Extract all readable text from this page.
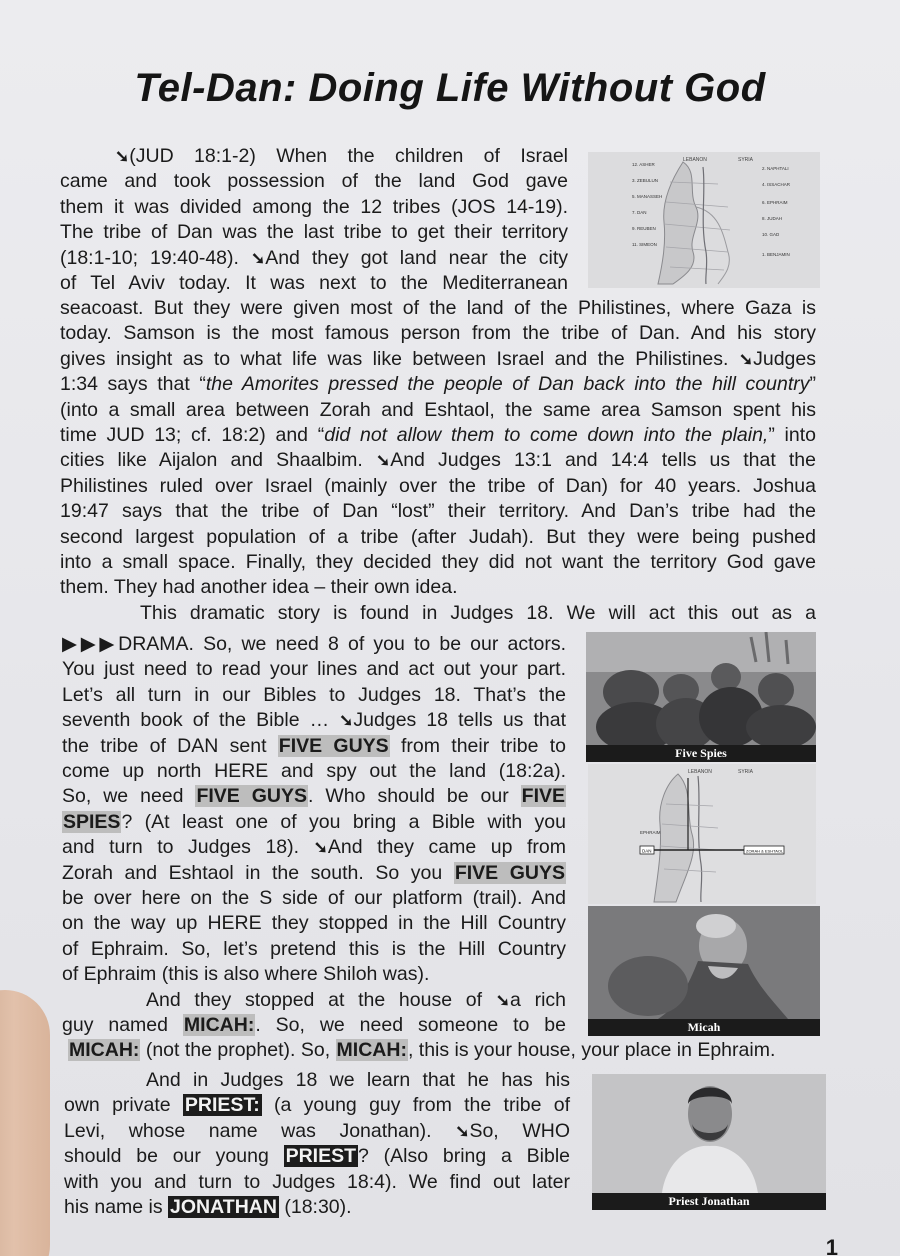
Tel-Dan: Doing Life Without God
➘(JUD 18:1-2) When the children of Israel
came and took possession of the land God gave
them it was divided among the 12 tribes (JOS 14-19).
The tribe of Dan was the last tribe to get their territory
(18:1-10; 19:40-48). ➘And they got land near the city
of Tel Aviv today. It was next to the Mediterranean
seacoast. But they were given most of the land of the Philistines, where Gaza is
today. Samson is the most famous person from the tribe of Dan. And his story
gives insight as to what life was like between Israel and the Philistines. ➘Judges
1:34 says that “the Amorites pressed the people of Dan back into the hill country”
(into a small area between Zorah and Eshtaol, the same area Samson spent his
time JUD 13; cf. 18:2) and “did not allow them to come down into the plain,” into
cities like Aijalon and Shaalbim. ➘And Judges 13:1 and 14:4 tells us that the
Philistines ruled over Israel (mainly over the tribe of Dan) for 40 years. Joshua
19:47 says that the tribe of Dan “lost” their territory. And Dan’s tribe had the
second largest population of a tribe (after Judah). But they were being pushed
into a small space. Finally, they decided they did not want the territory God gave
them. They had another idea – their own idea.
This dramatic story is found in Judges 18. We will act this out as a
▶▶▶DRAMA. So, we need 8 of you to be our actors.
You just need to read your lines and act out your part.
Let’s all turn in our Bibles to Judges 18. That’s the
seventh book of the Bible … ➘Judges 18 tells us that
the tribe of DAN sent FIVE GUYS from their tribe to
come up north HERE and spy out the land (18:2a).
So, we need FIVE GUYS. Who should be our FIVE
SPIES? (At least one of you bring a Bible with you
and turn to Judges 18). ➘And they came up from
Zorah and Eshtaol in the south. So you FIVE GUYS
be over here on the S side of our platform (trail). And
on the way up HERE they stopped in the Hill Country
of Ephraim. So, let’s pretend this is the Hill Country
of Ephraim (this is also where Shiloh was).
And they stopped at the house of ➘a rich
guy named MICAH:. So, we need someone to be
MICAH: (not the prophet). So, MICAH:, this is your house, your place in Ephraim.
And in Judges 18 we learn that he has his
own private PRIEST: (a young guy from the tribe of
Levi, whose name was Jonathan). ➘So, WHO
should be our young PRIEST ? (Also bring a Bible
with you and turn to Judges 18:4). We find out later
his name is JONATHAN (18:30).
LEBANON	SYRIA
12. ASHER
2. NAPHTALI
3. ZEBULUN
4. ISSACHAR
5. MANASSEH
6. EPHRAIM
7. DAN
8. JUDAH
9. REUBEN
10. GAD
11. SIMEON
1. BENJAMIN
Five Spies
LEBANON	SYRIA
EPHRAIM
DAN	ZORAH & ESHTAOL
Micah
Priest Jonathan
1
